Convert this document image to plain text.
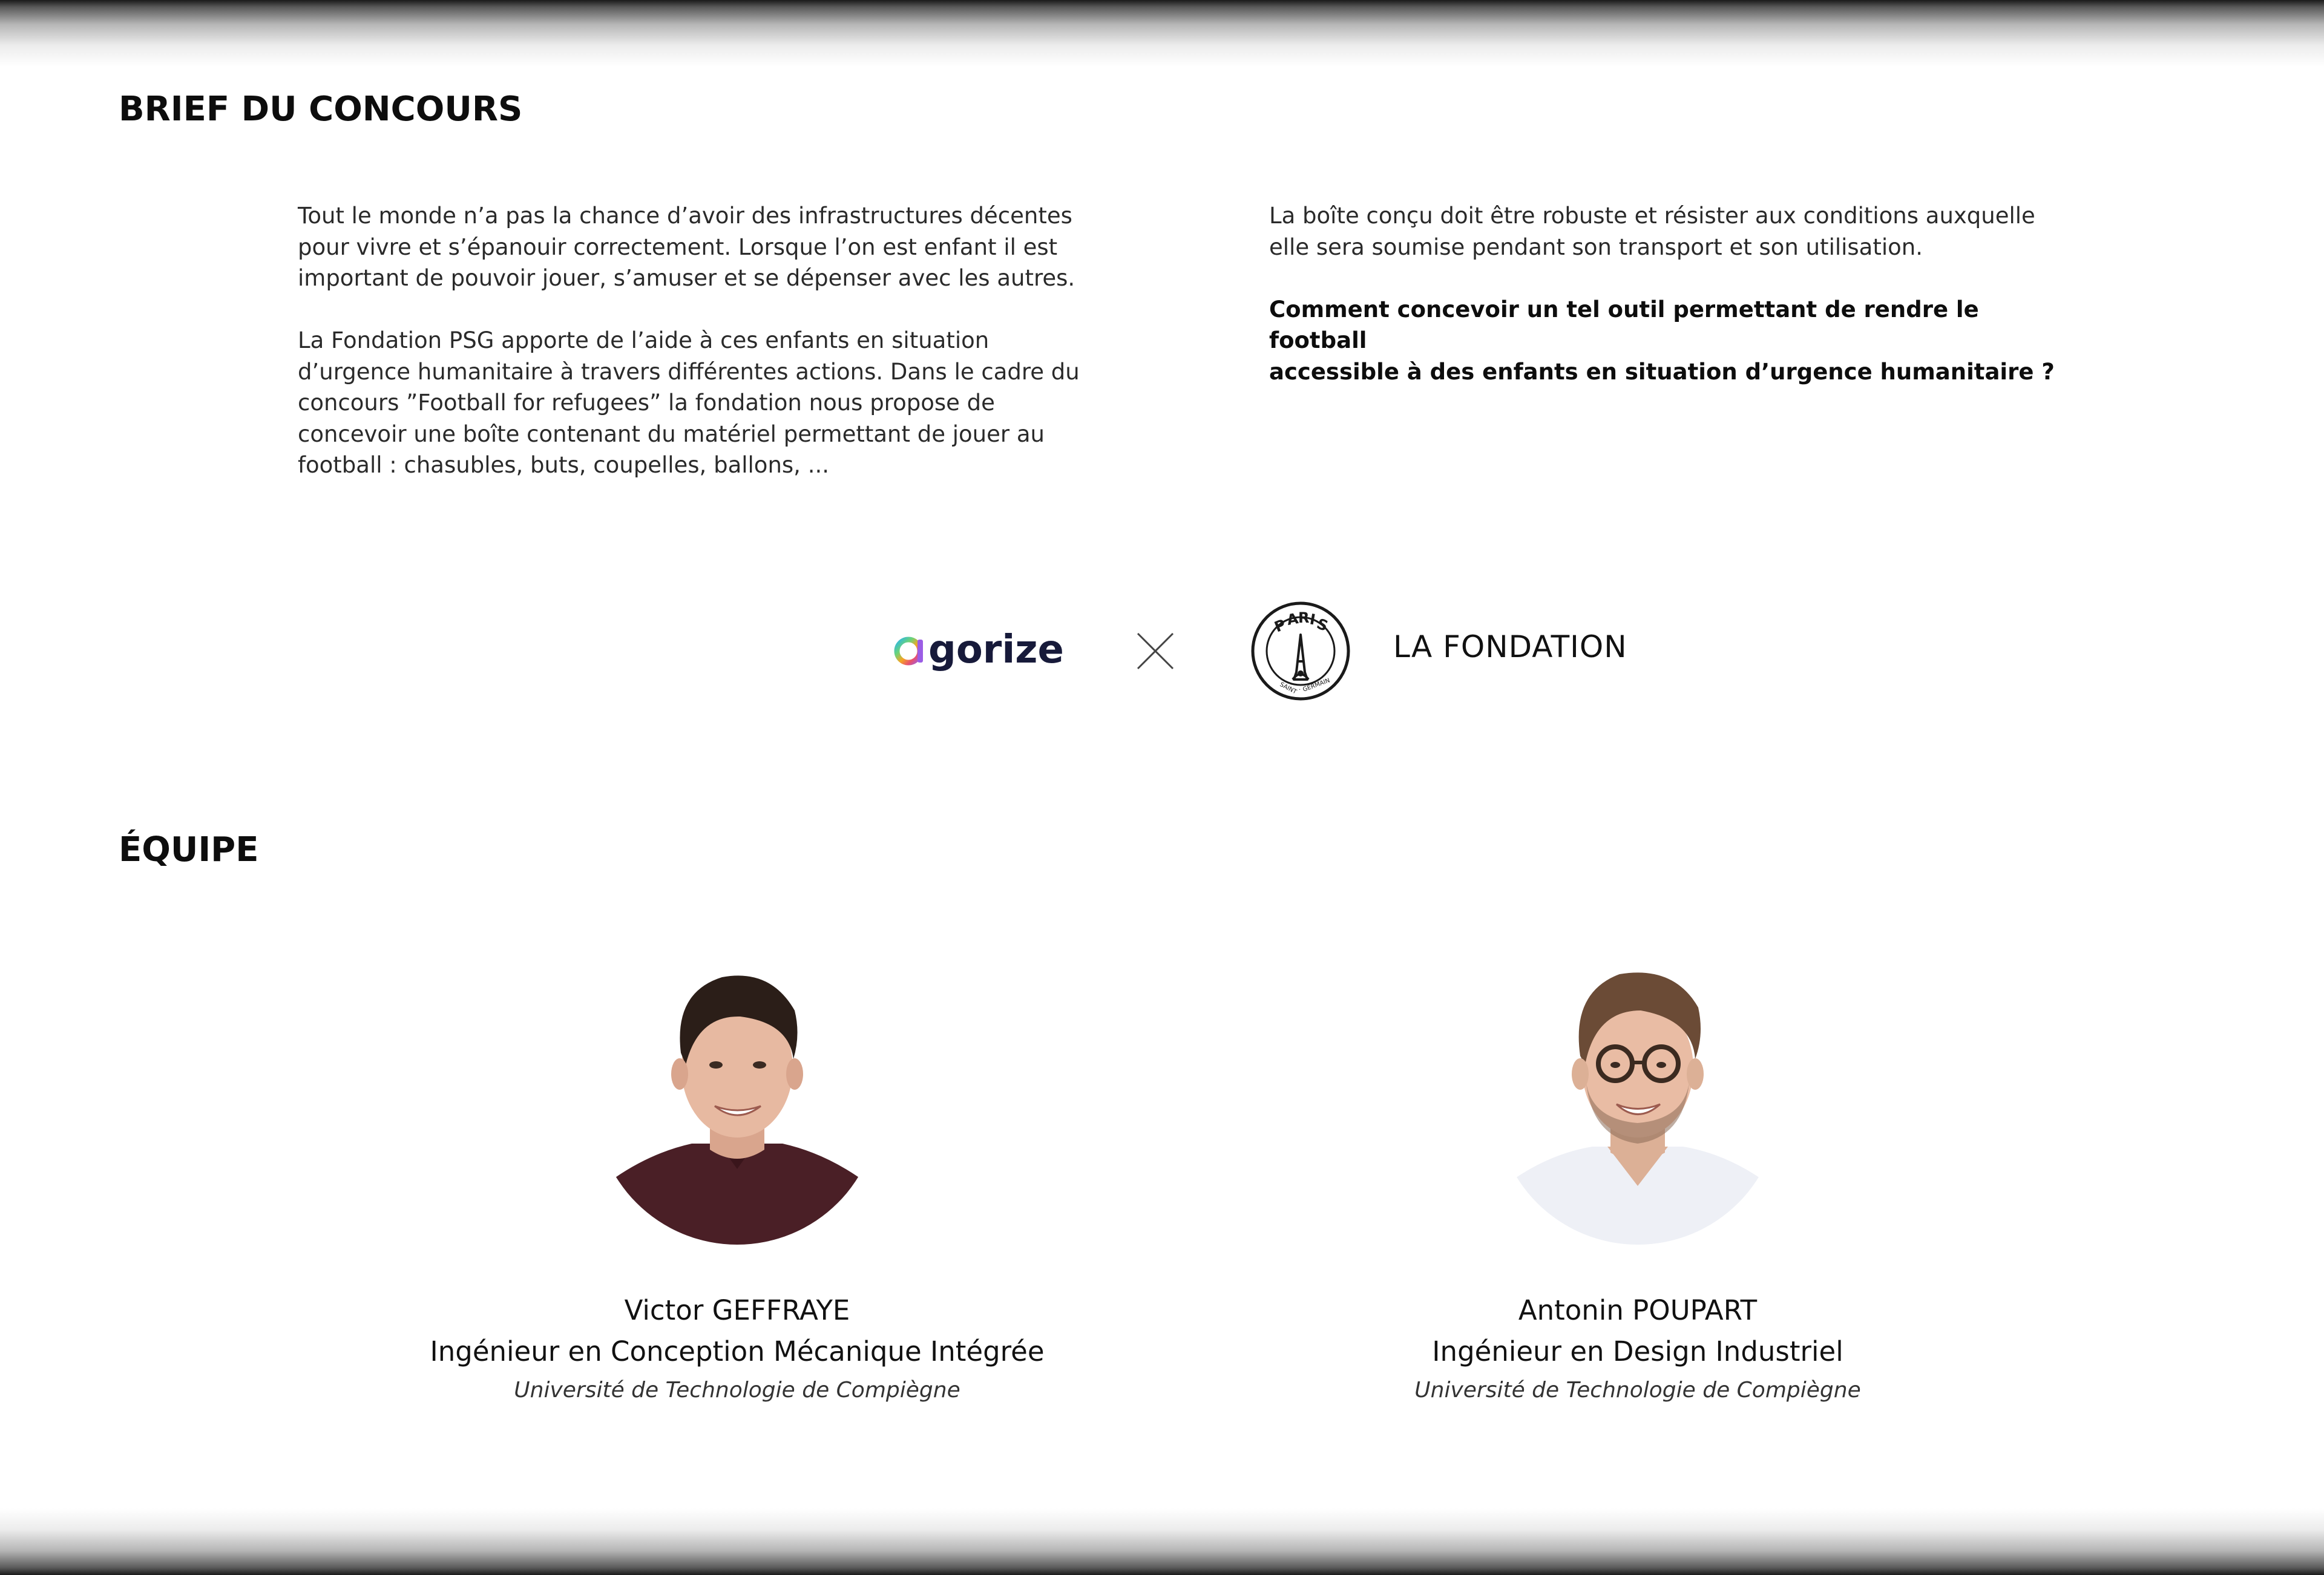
BRIEF DU CONCOURS

Tout le monde n’a pas la chance d’avoir des infrastructures décentes

pour vivre et s’épanouir correctement. Lorsque l’on est enfant il est

important de pouvoir jouer, s’amuser et se dépenser avec les autres.

La Fondation PSG apporte de l’aide à ces enfants en situation

d’urgence humanitaire à travers différentes actions. Dans le cadre du

concours ”Football for refugees” la fondation nous propose de

concevoir une boîte contenant du matériel permettant de jouer au

football : chasubles, buts, coupelles, ballons, ...

La boîte conçu doit être robuste et résister aux conditions auxquelle

elle sera soumise pendant son transport et son utilisation.

Comment concevoir un tel outil permettant de rendre le football

accessible à des enfants en situation d’urgence humanitaire ?

gorize
P
A
R
I
S
SAINT · GERMAIN
LA FONDATION
ÉQUIPE
Victor GEFFRAYE
Ingénieur en Conception Mécanique Intégrée
Université de Technologie de Compiègne
Antonin POUPART
Ingénieur en Design Industriel
Université de Technologie de Compiègne
